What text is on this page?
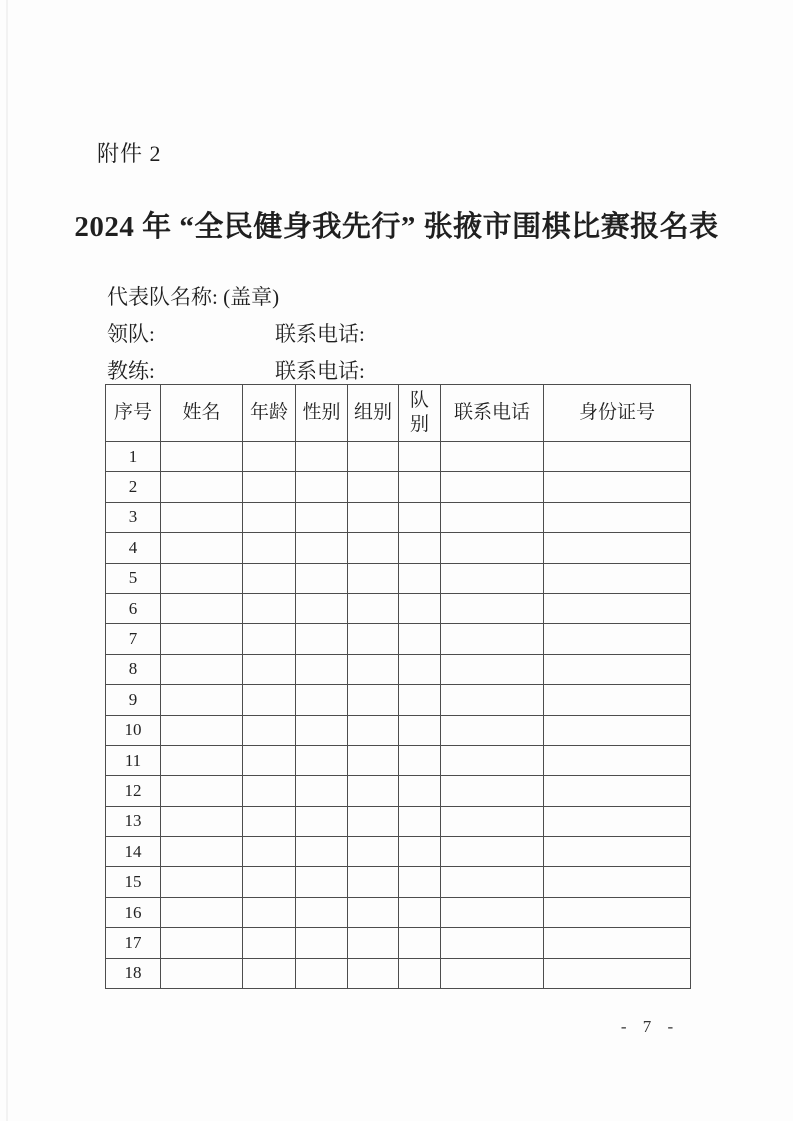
附件 2
2024 年 “全民健身我先行” 张掖市围棋比赛报名表
代表队名称: (盖章)
领队:	联系电话:
教练:	联系电话:
序号	姓名	年龄	性别	组别	队别	联系电话	身份证号
1							
2							
3							
4							
5							
6							
7							
8							
9							
10							
11							
12							
13							
14							
15							
16							
17							
18							
- 7 -
